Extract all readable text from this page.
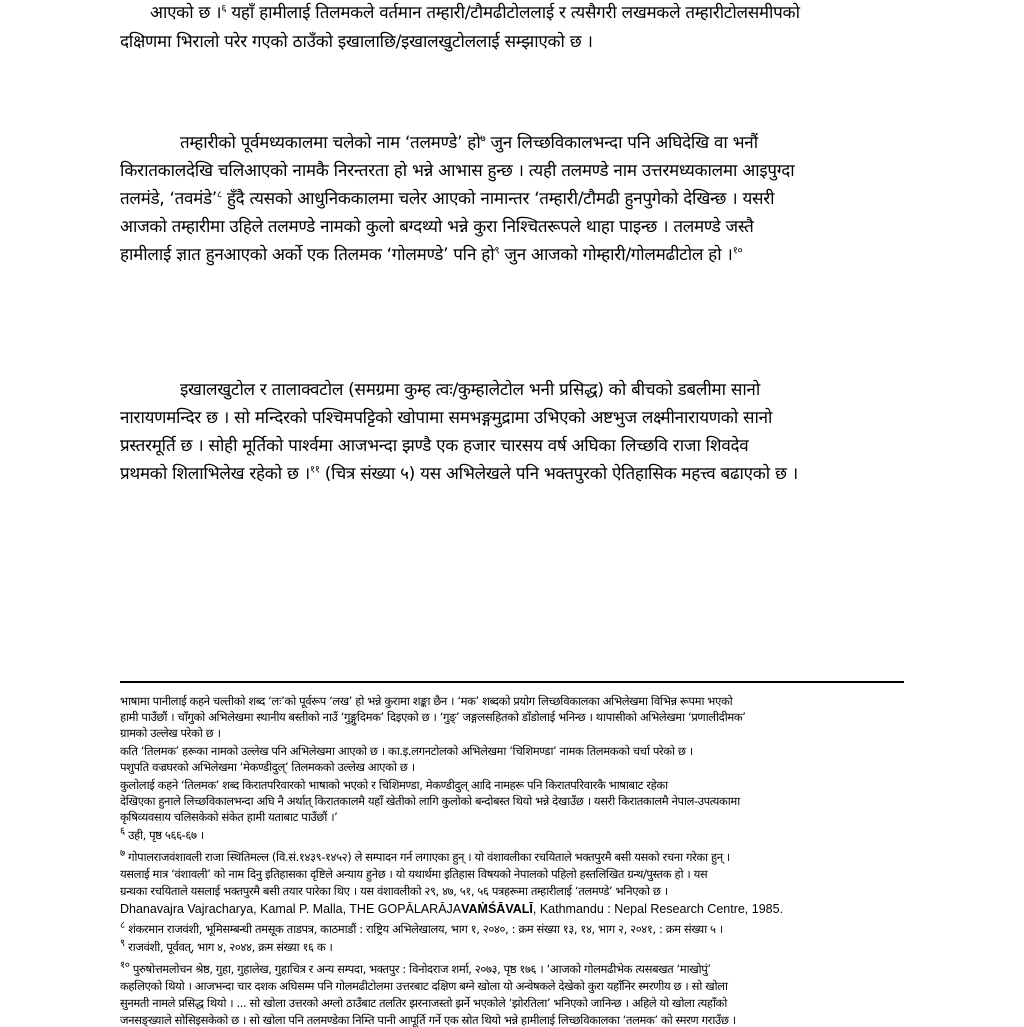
आएको छ ।$^६$ यहाँ हामीलाई तिलमकले वर्तमान तम्हारी/टौमढीटोललाई र त्यसैगरी लखमकले तम्हारीटोलसमीपको

दक्षिणमा भिरालो परेर गएको ठाउँको इखालाछि/इखालखुटोललाई सम्झाएको छ ।

तम्हारीको पूर्वमध्यकालमा चलेको नाम ‘तलमण्डे’ हो$^७$ जुन लिच्छविकालभन्दा पनि अघिदेखि वा भनौं

किरातकालदेखि चलिआएको नामकै निरन्तरता हो भन्ने आभास हुन्छ । त्यही तलमण्डे नाम उत्तरमध्यकालमा आइपुग्दा

तलमंडे, ‘तवमंडे’$^८$ हुँदै त्यसको आधुनिककालमा चलेर आएको नामान्तर ‘तम्हारी/टौमढी हुनपुगेको देखिन्छ । यसरी

आजको तम्हारीमा उहिले तलमण्डे नामको कुलो बग्दथ्यो भन्ने कुरा निश्चितरूपले थाहा पाइन्छ । तलमण्डे जस्तै

हामीलाई ज्ञात हुनआएको अर्को एक तिलमक ‘गोलमण्डे’ पनि हो$^९$ जुन आजको गोम्हारी/गोलमढीटोल हो ।$^{१०}$

इखालखुटोल र तालाक्वटोल (समग्रमा कुम्ह त्वः/कुम्हालेटोल भनी प्रसिद्ध) को बीचको डबलीमा सानो

नारायणमन्दिर छ । सो मन्दिरको पश्चिमपट्टिको खोपामा समभङ्गमुद्रामा उभिएको अष्टभुज लक्ष्मीनारायणको सानो

प्रस्तरमूर्ति छ । सोही मूर्तिको पार्श्वमा आजभन्दा झण्डै एक हजार चारसय वर्ष अघिका लिच्छवि राजा शिवदेव

प्रथमको शिलाभिलेख रहेको छ ।$^{११}$ (चित्र संख्या ५) यस अभिलेखले पनि भक्तपुरको ऐतिहासिक महत्त्व बढाएको छ ।

भाषामा पानीलाई कहने चल्तीको शब्द ‘लः’को पूर्वरूप ‘लख’ हो भन्ने कुरामा शङ्का छैन । ‘मक’ शब्दको प्रयोग लिच्छविकालका अभिलेखमा विभिन्न रूपमा भएको

हामी पाउँछौं । चाँगुको अभिलेखमा स्थानीय बस्तीको नाउँ ‘गुङ्गुदिमक’ दिइएको छ । ‘गुङ्’ जङ्गलसहितको डाँडोलाई भनिन्छ । थापासीको अभिलेखमा ‘प्रणालीदीमक’

ग्रामको उल्लेख परेको छ ।

कति ‘तिलमक’ हरूका नामको उल्लेख पनि अभिलेखमा आएको छ । का.इ.लगनटोलको अभिलेखमा ‘चिशिमण्डा’ नामक तिलमकको चर्चा परेको छ ।

पशुपति वज्रघरको अभिलेखमा ‘मेकण्डीदुल्’ तिलमकको उल्लेख आएको छ ।

कुलोलाई कहने ‘तिलमक’ शब्द किरातपरिवारको भाषाको भएको र चिशिमण्डा, मेकण्डीदुल् आदि नामहरू पनि किरातपरिवारकै भाषाबाट रहेका

देखिएका हुनाले लिच्छविकालभन्दा अघि नै अर्थात् किरातकालमै यहाँ खेतीको लागि कुलोको बन्दोबस्त थियो भन्ने देखाउँछ । यसरी किरातकालमै नेपाल-उपत्यकामा

कृषिव्यवसाय चलिसकेको संकेत हामी यताबाट पाउँछौं ।’

$^६$ उही, पृष्ठ ५६६-६७ ।

$^७$ गोपालराजवंशावली राजा स्थितिमल्ल (वि.सं.१४३९-१४५२) ले सम्पादन गर्न लगाएका हुन् । यो वंशावलीका रचयिताले भक्तपुरमै बसी यसको रचना गरेका हुन् ।

यसलाई मात्र ‘वंशावली’ को नाम दिनु इतिहासका दृष्टिले अन्याय हुनेछ । यो यथार्थमा इतिहास विषयको नेपालको पहिलो हस्तलिखित ग्रन्थ/पुस्तक हो । यस

ग्रन्थका रचयिताले यसलाई भक्तपुरमै बसी तयार पारेका थिए । यस वंशावलीको २९, ४७, ५१, ५६ पत्रहरूमा तम्हारीलाई ‘तलमण्डे’ भनिएको छ ।

Dhanavajra Vajracharya, Kamal P. Malla, THE GOPĀLARĀJAVAṀŚĀVALĪ, Kathmandu : Nepal Research Centre, 1985.

$^८$ शंकरमान राजवंशी, भूमिसम्बन्धी तमसूक ताडपत्र, काठमाडौं : राष्ट्रिय अभिलेखालय, भाग १, २०४०, : क्रम संख्या १३, १४, भाग २, २०४१, : क्रम संख्या ५ ।

$^९$ राजवंशी, पूर्ववत्, भाग ४, २०४४, क्रम संख्या १६ क ।

$^{१०}$ पुरुषोत्तमलोचन श्रेष्ठ, गुहा, गुहालेख, गुहाचित्र र अन्य सम्पदा, भक्तपुर : विनोदराज शर्मा, २०७३, पृष्ठ १७६ । ‘आजको गोलमढीभेक त्यसबखत ‘माखोपुं’

कहलिएको थियो । आजभन्दा चार दशक अघिसम्म पनि गोलमढीटोलमा उत्तरबाट दक्षिण बग्ने खोला यो अन्वेषकले देखेको कुरा यहाँनिर स्मरणीय छ । सो खोला

सुनमती नामले प्रसिद्ध थियो । ... सो खोला उत्तरको अग्लो ठाउँबाट तलतिर झरनाजस्तो झर्ने भएकोले ‘झोरतिला’ भनिएको जानिन्छ । अहिले यो खोला त्यहाँको

जनसङ्ख्याले सोसिइसकेको छ । सो खोला पनि तलमण्डेका निम्ति पानी आपूर्ति गर्ने एक स्रोत थियो भन्ने हामीलाई लिच्छविकालका ‘तलमक’ को स्मरण गराउँछ ।
